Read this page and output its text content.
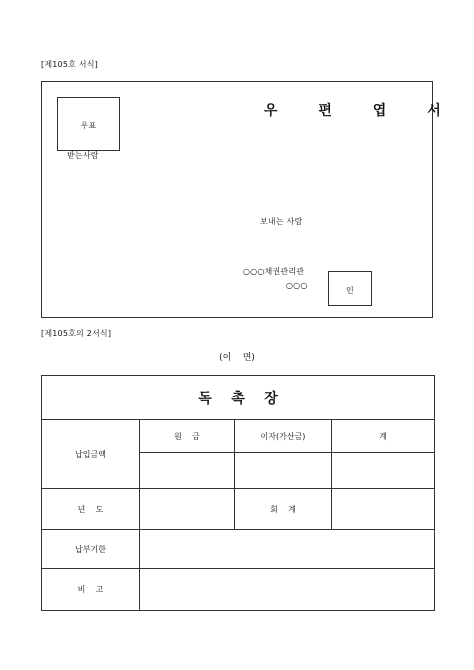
[제105호 서식]
우표
우 편 엽 서
받는사람
보내는 사람
○○○채권관리관
○○○
인
[제105호의 2서식]
(이    면)
독    촉    장			
납입금액	원    금	이자(가산금)	계

년    도		회    계	
납부기한			
비    고			
